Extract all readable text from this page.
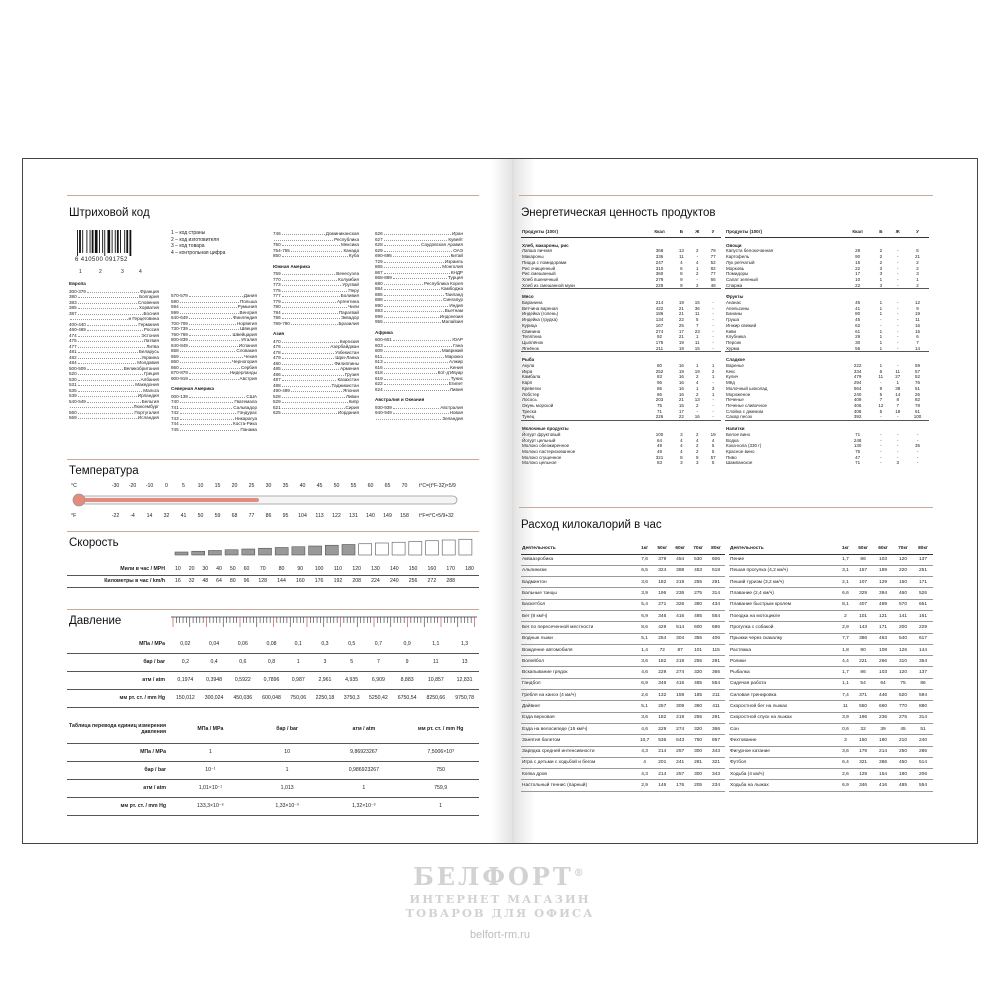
Штриховой код
6 410500 091752
1	2	3	4
1 – код страны
2 – код изготовителя
3 – код товара
4 – контрольная цифра
Европа
300-379	Франция
380	Болгария
383	Словения
385	Хорватия
387	Босния
и Герцеговина
400-440	Германия
460-469	Россия
474	Эстония
475	Латвия
477	Литва
481	Беларусь
482	Украина
484	Молдавия
500-509	Великобритания
520	Греция
530	Албания
531	Македония
535	Мальта
539	Ирландия
540-549	Бельгия
Люксембург
560	Португалия
569	Исландия
570-579	Дания
590	Польша
594	Румыния
599	Венгрия
640-649	Финляндия
700-709	Норвегия
730-739	Швеция
760-769	Швейцария
800-839	Италия
840-849	Испания
858	Словакия
859	Чехия
860	Черногория
860	Сербия
870-879	Нидерланды
900-919	Австрия
Северная Америка
000-139	США
740	Гватемала
741	Сальвадор
742	Гондурас
743	Никарагуа
744	Коста-Рика
745	Панама
746	Доминиканская
Республика
750	Мексика
754-755	Канада
850	Куба
Южная Америка
759	Венесуэла
770	Колумбия
773	Уругвай
775	Перу
777	Боливия
779	Аргентина
780	Чили
784	Парагвай
786	Эквадор
789-790	Бразилия
Азия
470	Киргизия
476	Азербайджан
478	Узбекистан
479	Шри-Ланка
480	Филиппины
485	Армения
486	Грузия
487	Казахстан
488	Таджикистан
490-499	Япония
528	Ливан
529	Кипр
621	Сирия
625	Иордания
626	Иран
627	Кувейт
628	Саудовская Аравия
629	ОАЭ
690-695	Китай
729	Израиль
865	Монголия
867	КНДР
868-869	Турция
880	Республика Корея
884	Камбоджа
885	Таиланд
888	Сингапур
890	Индия
893	Вьетнам
899	Индонезия
955	Малайзия
Африка
600-601	ЮАР
603	Гана
609	Маврикий
611	Марокко
613	Алжир
616	Кения
618	Кот-д'Ивуар
619	Тунис
622	Египет
624	Ливия
Австралия и Океания
930-939	Австралия
940-949	Новая
Зеландия
Температура
°C
°F
-30	-20	-10	0	5	10	15	20	25	30	35	40	45	50	55	60	65	70
-22	-4	14	32	41	50	59	68	77	86	95	104	113	122	131	140	149	158
t°C=(t°F-32)×5/9
t°F=t°C×5/9+32
Скорость
Мили в час / MPH	10	20	30	40	50	60	70	80	90	100	110	120	130	140	150	160	170	180
Километры в час / km/h	16	32	48	64	80	96	128	144	160	176	192	208	224	240	256	272	288	
Давление
МПа / MPa	0,02	0,04	0,06	0,08	0,1	0,3	0,5	0,7	0,9	1,1	1,3
бар / bar	0,2	0,4	0,6	0,8	1	3	5	7	9	11	13
атм / atm	0,1974	0,3948	0,5922	0,7896	0,987	2,961	4,935	6,909	8,883	10,857	12,831
мм рт. ст. / mm Hg	150,012	300,024	450,036	600,048	750,06	2250,18	3750,3	5250,42	6750,54	8250,66	9750,78
Таблица перевода единиц измерения давления	МПа / MPa	бар / bar	атм / atm	мм рт. ст. / mm Hg
МПа / MPa	1	10	9,86923267	7,5006×10³
бар / bar	10⁻¹	1	0,986923267	750
атм / atm	1,01×10⁻¹	1,013	1	759,9
мм рт. ст. / mm Hg	133,3×10⁻⁶	1,33×10⁻³	1,32×10⁻³	1
Энергетическая ценность продуктов
Продукты (100г)	Ккал	Б	Ж	У
Хлеб, макароны, рис				
Лапша яичная	368	13	2	79
Макароны	336	11	-	77
Пицца с помидорами	247	4	4	52
Рис очищенный	310	6	1	82
Рис смешанный	360	8	2	77
Хлеб пшеничный	279	9	-	65
Хлеб из смешанной муки	229	9	2	48
Мясо				
Баранина	214	19	15	-
Ветчина вареная	422	21	36	-
Индейка (голень)	186	21	11	-
Индейка (грудка)	134	22	5	-
Курица	167	25	7	-
Свинина	274	17	23	-
Телятина	92	21	1	-
Цыплёнок	175	19	11	-
Ягнёнок	211	19	15	-
Рыба				
Акула	80	16	1	1
Икра	252	19	19	2
Камбала	83	16	2	1
Карп	96	16	4	-
Креветки	86	16	1	3
Лобстер	86	16	2	1
Лосось	203	21	13	-
Окунь морской	75	15	2	-
Треска	71	17	-	-
Тунец	226	22	16	-
Молочные продукты				
Йогурт фруктовый	100	3	2	19
Йогурт цельный	64	4	4	4
Молоко обезжиренное	49	4	2	5
Молоко пастеризованное	49	4	2	5
Молоко сгущенное	321	8	9	57
Молоко цельное	63	3	3	5
Продукты (100г)	Ккал	Б	Ж	У
Овощи				
Капуста белокочанная	28	2	-	5
Картофель	90	2	-	21
Лук репчатый	15	2	-	2
Морковь	22	3	-	2
Помидоры	17	3	-	3
Салат зеленый	10	1	-	1
Спаржа	22	3	-	2
Фрукты				
Ананас	46	1	-	12
Апельсины	41	1	-	9
Бананы	80	1	-	19
Груша	45	-	-	11
Инжир свежий	62	-	-	16
Киви	61	1	-	15
Клубника	29	1	-	6
Персик	30	1	-	7
Хурма	56	1	-	14
Сладкое				
Варенье	222	1	-	59
Кекс	334	6	11	57
Кулич	479	11	27	52
Мёд	294	-	1	76
Молочный шоколад	564	9	38	51
Мороженое	240	5	14	26
Печенье	409	7	8	82
Печенье сливочное	406	12	7	78
Слойка с джемом	408	5	18	61
Сахар песок	392	-	-	100
Напитки				
Белое вино	71	-	-	-
Водка	248	-	-	-
Кока-кола (330 г)	130	-	-	35
Красное вино	75	-	-	-
Пиво	47	-	-	-
Шампанское	71	-	3	-
Расход килокалорий в час
Деятельность	1кг	50кг	60кг	70кг	80кг
Аквааэробика	7,6	379	454	530	606
Альпинизм	6,5	324	388	453	518
Бадминтон	3,6	182	219	255	291
Бальные танцы	3,9	196	236	275	314
Баскетбол	5,4	271	326	380	434
Бег (8 км/ч)	6,9	346	416	485	554
Бег по пересеченной местности	8,6	429	514	600	686
Водные лыжи	5,1	254	304	355	406
Вождение автомобиля	1,4	72	87	101	115
Волейбол	3,6	182	219	255	291
Вскапывание грядок	4,6	229	274	320	366
Гандбол	6,9	346	416	485	554
Гребля на каноэ (4 км/ч)	2,6	132	159	185	211
Дайвинг	5,1	257	309	360	411
Езда верховая	3,6	182	219	255	291
Езда на велосипеде (15 км/ч)	4,6	229	274	320	366
Занятия балетом	10,7	536	643	750	857
Зарядка средней интенсивности	4,3	214	257	300	343
Игра с детьми с ходьбой и бегом	4	201	241	281	321
Копка дров	4,3	214	257	300	343
Настольный теннис (парный)	2,9	146	176	205	234
Деятельность	1кг	50кг	60кг	70кг	80кг
Пение	1,7	86	103	120	137
Пешая прогулка (4,2 км/ч)	3,1	157	189	220	251
Пеший туризм (3,2 км/ч)	2,1	107	129	150	171
Плавание (2,4 км/ч)	6,6	329	394	460	526
Плавание быстрым кролем	8,1	407	489	570	651
Поездка на мотоцикле	2	101	121	141	161
Прогулка с собакой	2,9	143	171	200	229
Прыжки через скакалку	7,7	386	463	540	617
Растяжка	1,8	90	108	126	144
Ролики	4,4	221	266	310	354
Рыбалка	1,7	86	103	120	137
Сидячая работа	1,1	54	64	75	86
Силовая тренировка	7,4	371	446	520	594
Скоростной бег на лыжах	11	550	660	770	880
Скоростной спуск на лыжах	3,9	196	236	275	314
Сон	0,6	32	39	45	51
Фехтование	3	150	180	210	240
Фигурное катание	3,6	179	214	250	286
Футбол	6,4	321	386	450	514
Ходьба (4 км/ч)	2,6	129	154	180	206
Ходьба на лыжах	6,9	346	416	485	554
БЕЛФОРТ®
ИНТЕРНЕТ МАГАЗИН
ТОВАРОВ ДЛЯ ОФИСА
belfort-rm.ru
